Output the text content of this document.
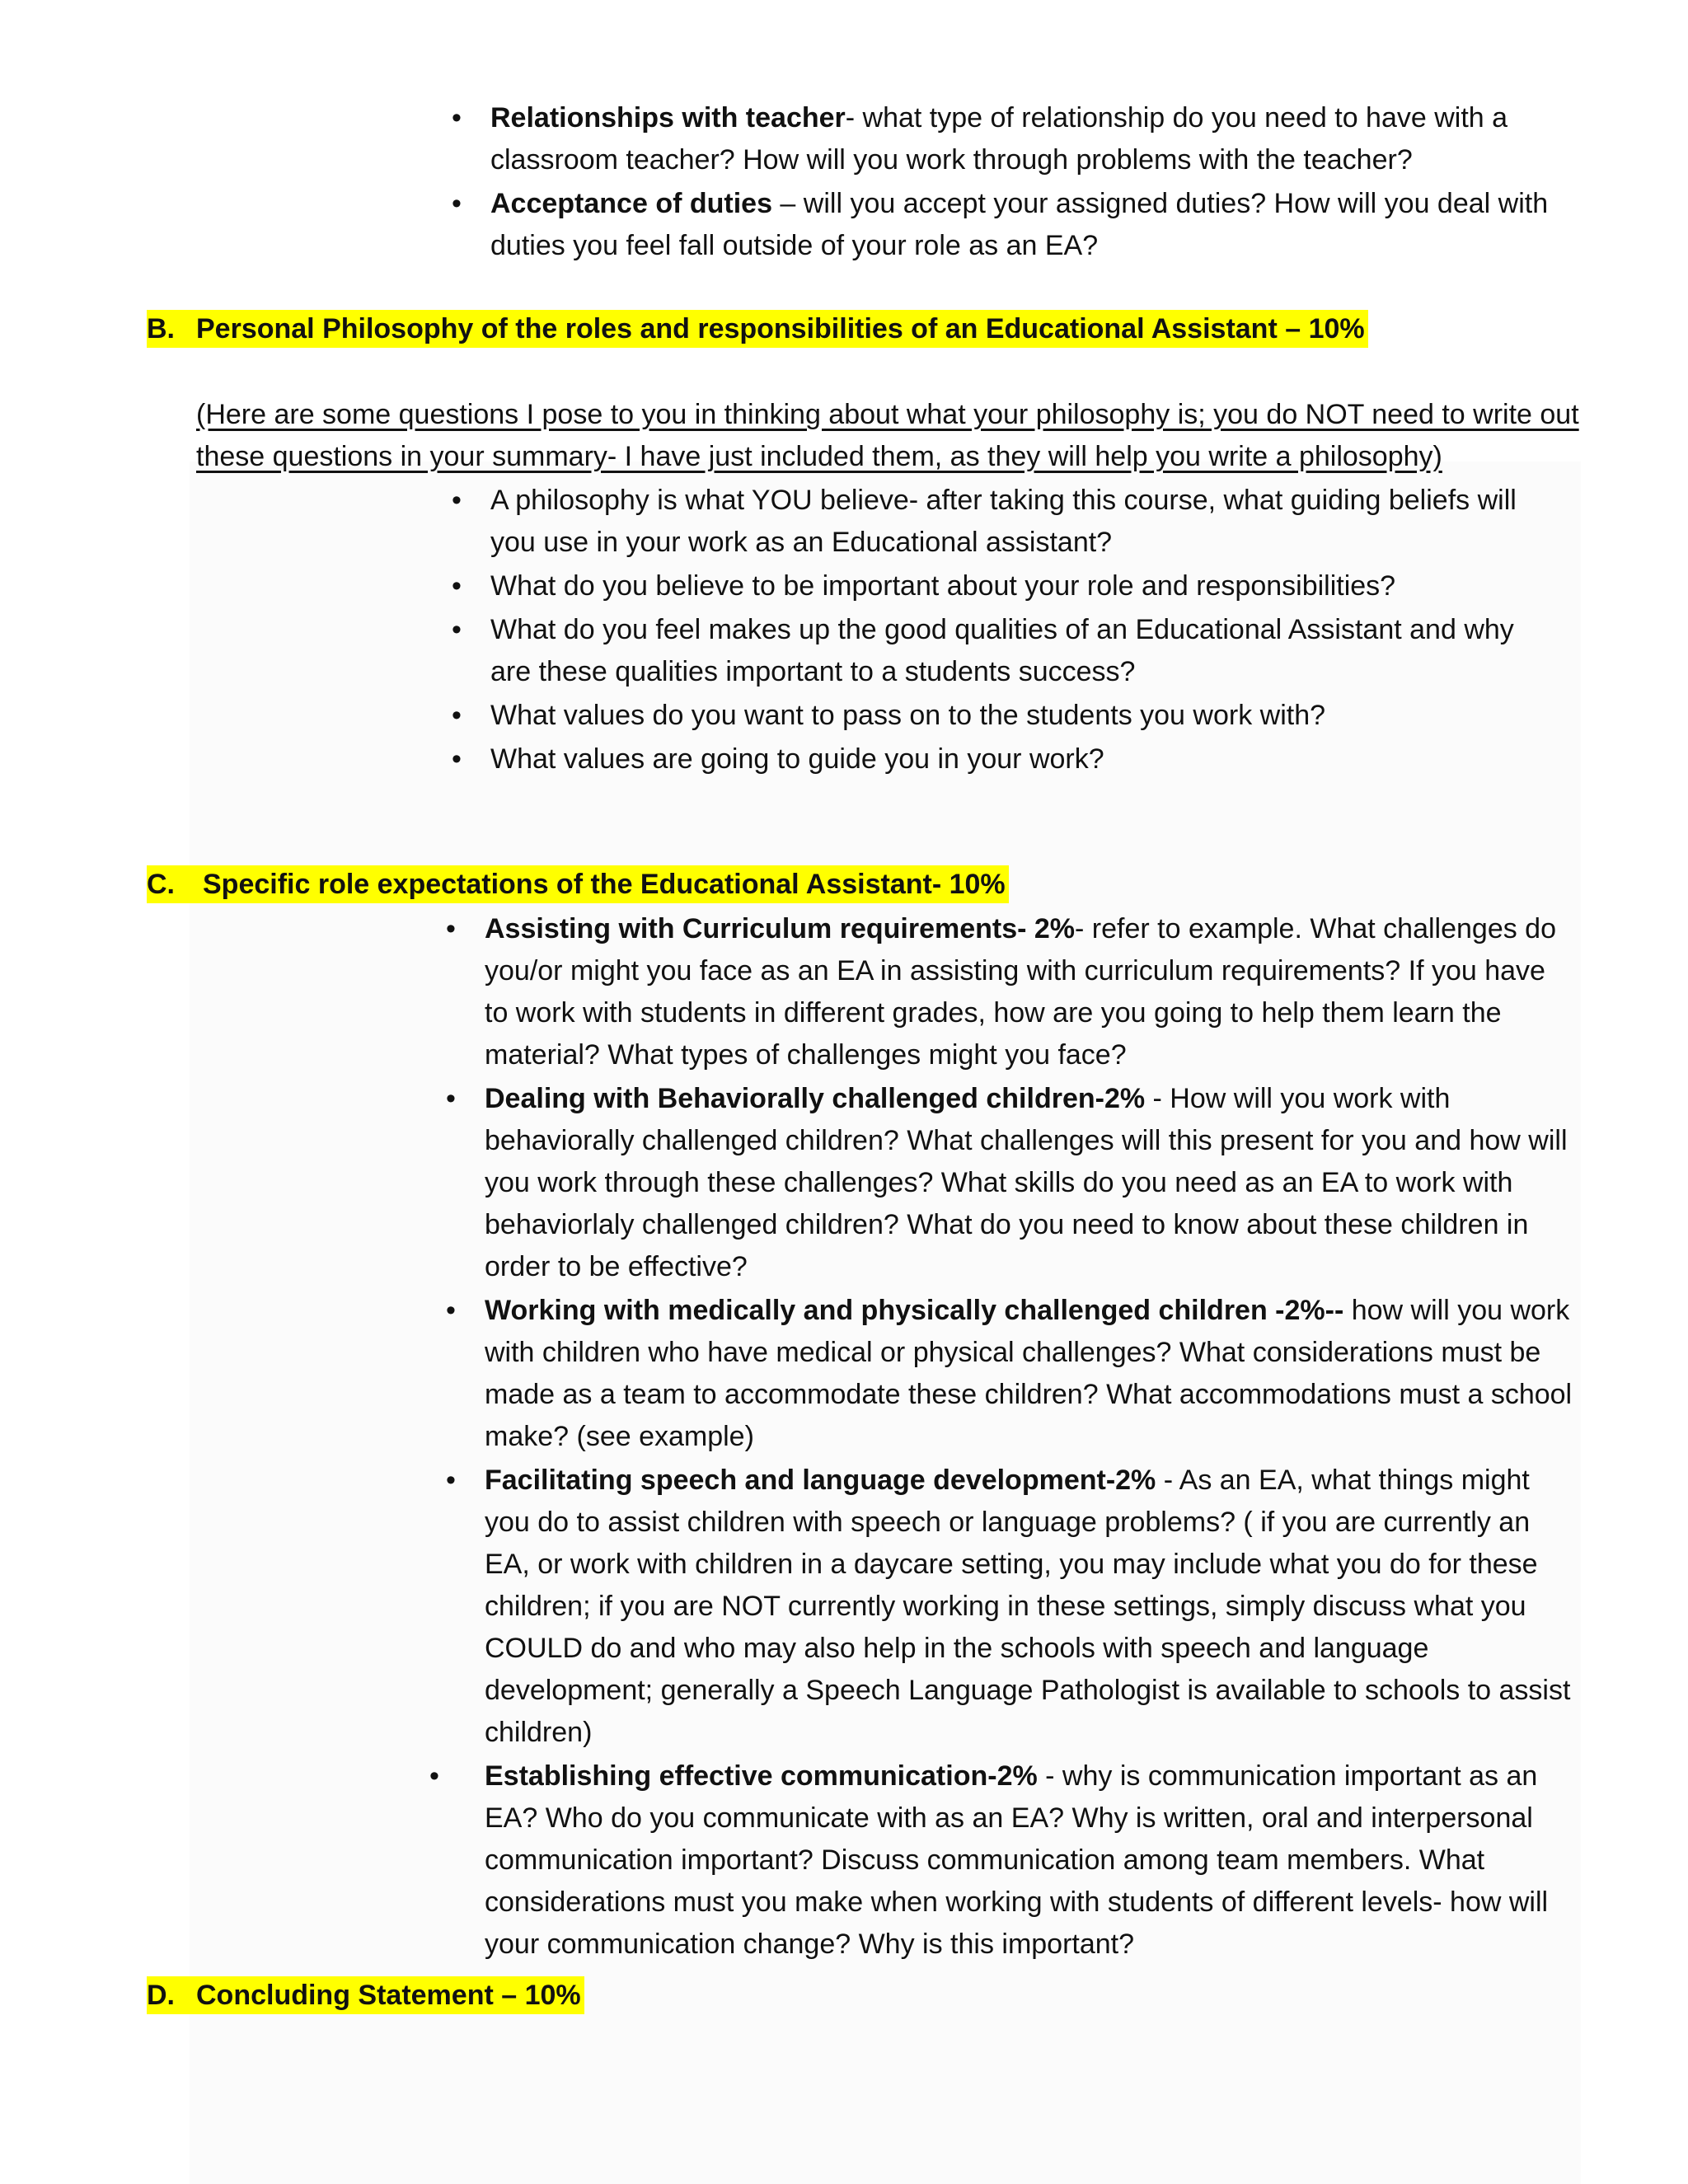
• Relationships with teacher- what type of relationship do you need to have with a classroom teacher? How will you work through problems with the teacher?
• Acceptance of duties – will you accept your assigned duties? How will you deal with duties you feel fall outside of your role as an EA?
B. Personal Philosophy of the roles and responsibilities of an Educational Assistant – 10%
(Here are some questions I pose to you in thinking about what your philosophy is; you do NOT need to write out these questions in your summary- I have just included them, as they will help you write a philosophy)
• A philosophy is what YOU believe- after taking this course, what guiding beliefs will you use in your work as an Educational assistant?
• What do you believe to be important about your role and responsibilities?
• What do you feel makes up the good qualities of an Educational Assistant and why are these qualities important to a students success?
• What values do you want to pass on to the students you work with?
• What values are going to guide you in your work?
C. Specific role expectations of the Educational Assistant- 10%
• Assisting with Curriculum requirements- 2%- refer to example. What challenges do you/or might you face as an EA in assisting with curriculum requirements? If you have to work with students in different grades, how are you going to help them learn the material? What types of challenges might you face?
• Dealing with Behaviorally challenged children-2% - How will you work with behaviorally challenged children? What challenges will this present for you and how will you work through these challenges? What skills do you need as an EA to work with behaviorlaly challenged children? What do you need to know about these children in order to be effective?
• Working with medically and physically challenged children -2%-- how will you work with children who have medical or physical challenges? What considerations must be made as a team to accommodate these children? What accommodations must a school make? (see example)
• Facilitating speech and language development-2% - As an EA, what things might you do to assist children with speech or language problems? ( if you are currently an EA, or work with children in a daycare setting, you may include what you do for these children; if you are NOT currently working in these settings, simply discuss what you COULD do and who may also help in the schools with speech and language development; generally a Speech Language Pathologist is available to schools to assist children)
• Establishing effective communication-2% - why is communication important as an EA? Who do you communicate with as an EA? Why is written, oral and interpersonal communication important? Discuss communication among team members. What considerations must you make when working with students of different levels- how will your communication change? Why is this important?
D. Concluding Statement – 10%
